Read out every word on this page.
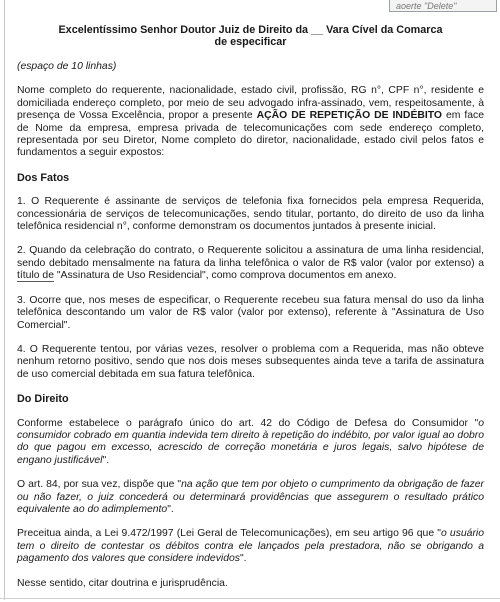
aoerte "Delete"
Excelentíssimo Senhor Doutor Juiz de Direito da __ Vara Cível da Comarca
de especificar

(espaço de 10 linhas)

Nome completo do requerente, nacionalidade, estado civil, profissão, RG n°, CPF n°, residente e domiciliada endereço completo, por meio de seu advogado infra-assinado, vem, respeitosamente, à presença de Vossa Excelência, propor a presente AÇÃO DE REPETIÇÃO DE INDÉBITO em face de Nome da empresa, empresa privada de telecomunicações com sede endereço completo, representada por seu Diretor, Nome completo do diretor, nacionalidade, estado civil pelos fatos e fundamentos a seguir expostos:

Dos Fatos

1. O Requerente é assinante de serviços de telefonia fixa fornecidos pela empresa Requerida, concessionária de serviços de telecomunicações, sendo titular, portanto, do direito de uso da linha telefônica residencial n°, conforme demonstram os documentos juntados à presente inicial.

2. Quando da celebração do contrato, o Requerente solicitou a assinatura de uma linha residencial, sendo debitado mensalmente na fatura da linha telefônica o valor de R$ valor (valor por extenso) a título de "Assinatura de Uso Residencial", como comprova documentos em anexo.

3. Ocorre que, nos meses de especificar, o Requerente recebeu sua fatura mensal do uso da linha telefônica descontando um valor de R$ valor (valor por extenso), referente à "Assinatura de Uso Comercial".

4. O Requerente tentou, por várias vezes, resolver o problema com a Requerida, mas não obteve nenhum retorno positivo, sendo que nos dois meses subsequentes ainda teve a tarifa de assinatura de uso comercial debitada em sua fatura telefônica.

Do Direito

Conforme estabelece o parágrafo único do art. 42 do Código de Defesa do Consumidor "o consumidor cobrado em quantia indevida tem direito à repetição do indébito, por valor igual ao dobro do que pagou em excesso, acrescido de correção monetária e juros legais, salvo hipótese de engano justificável".

O art. 84, por sua vez, dispõe que "na ação que tem por objeto o cumprimento da obrigação de fazer ou não fazer, o juiz concederá ou determinará providências que assegurem o resultado prático equivalente ao do adimplemento".

Preceitua ainda, a Lei 9.472/1997 (Lei Geral de Telecomunicações), em seu artigo 96 que "o usuário tem o direito de contestar os débitos contra ele lançados pela prestadora, não se obrigando a pagamento dos valores que considere indevidos".

Nesse sentido, citar doutrina e jurisprudência.
